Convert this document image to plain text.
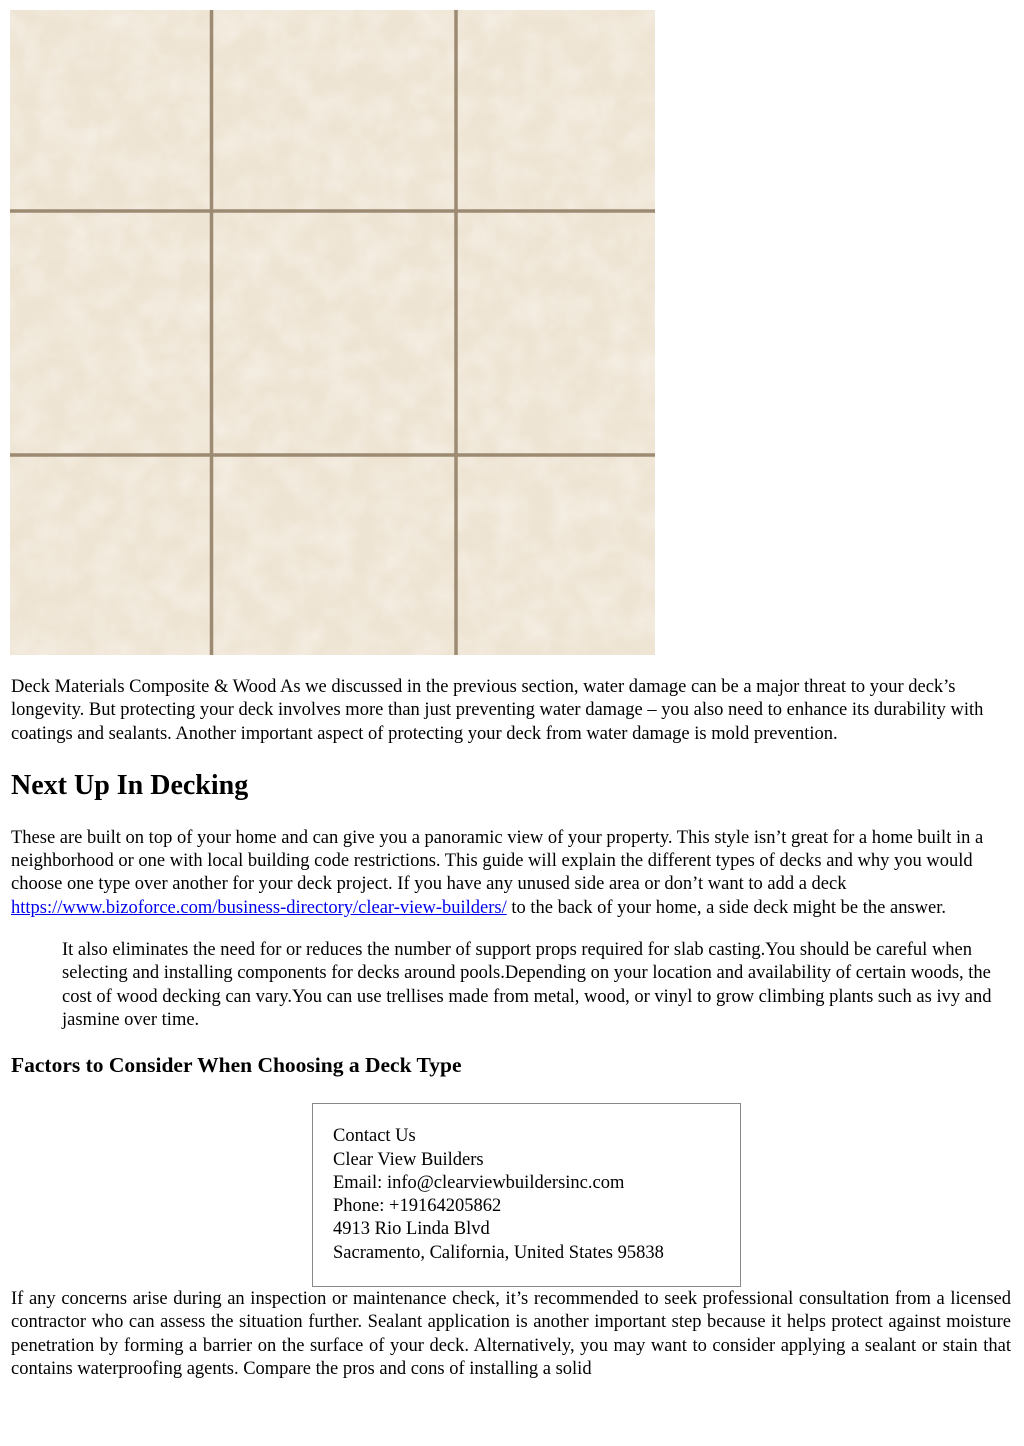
Deck Materials Composite & Wood As we discussed in the previous section, water damage can be a major threat to your deck’s longevity. But protecting your deck involves more than just preventing water damage – you also need to enhance its durability with coatings and sealants. Another important aspect of protecting your deck from water damage is mold prevention.

Next Up In Decking

These are built on top of your home and can give you a panoramic view of your property. This style isn’t great for a home built in a neighborhood or one with local building code restrictions. This guide will explain the different types of decks and why you would choose one type over another for your deck project. If you have any unused side area or don’t want to add a deck https://www.bizoforce.com/business-directory/clear-view-builders/ to the back of your home, a side deck might be the answer.

It also eliminates the need for or reduces the number of support props required for slab casting.You should be careful when selecting and installing components for decks around pools.Depending on your location and availability of certain woods, the cost of wood decking can vary.You can use trellises made from metal, wood, or vinyl to grow climbing plants such as ivy and jasmine over time.

Factors to Consider When Choosing a Deck Type
Contact Us
Clear View Builders
Email: info@clearviewbuildersinc.com
Phone: +19164205862
4913 Rio Linda Blvd
Sacramento, California, United States 95838

If any concerns arise during an inspection or maintenance check, it’s recommended to seek professional consultation from a licensed contractor who can assess the situation further. Sealant application is another important step because it helps protect against moisture penetration by forming a barrier on the surface of your deck. Alternatively, you may want to consider applying a sealant or stain that contains waterproofing agents. Compare the pros and cons of installing a solid
